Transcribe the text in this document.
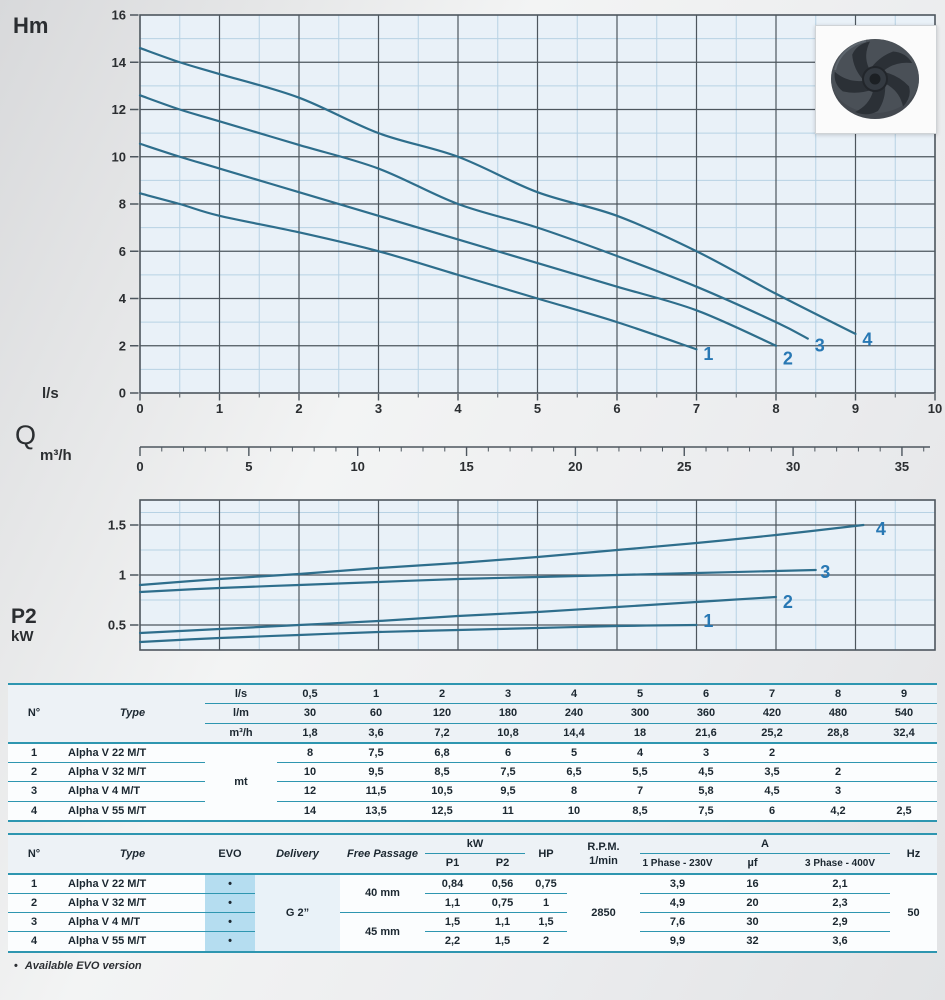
Hm
l/s
Q
m³/h
P2
kW
0
2
4
6
8
10
12
14
16
0	1	2	3	4	5	6	7	8	9	10
0	5	10	15	20	25	30	35
0.5
1
1.5
1	2
3 4
1
2
3
4
N°	Type	l/s	0,5	1	2	3	4	5	6	7	8	9
		l/m	30	60	120	180	240	300	360	420	480	540
		m³/h	1,8	3,6	7,2	10,8	14,4	18	21,6	25,2	28,8	32,4
1	Alpha V 22 M/T	mt	8	7,5	6,8	6	5	4	3	2		
2	Alpha V 32 M/T		10	9,5	8,5	7,5	6,5	5,5	4,5	3,5	2	
3	Alpha V 4 M/T		12	11,5	10,5	9,5	8	7	5,8	4,5	3	
4	Alpha V 55 M/T		14	13,5	12,5	11	10	8,5	7,5	6	4,2	2,5
N°	Type	EVO	Delivery	Free Passage	kW		HP	R.P.M.
1/min	A			Hz
					P1	P2			1 Phase - 230V	µf	3 Phase - 400V	
1	Alpha V 22 M/T	•	G 2”	40 mm	0,84	0,56	0,75	2850	3,9	16	2,1	50
2	Alpha V 32 M/T	•			1,1	0,75	1		4,9	20	2,3	
3	Alpha V 4 M/T	•		45 mm	1,5	1,1	1,5		7,6	30	2,9	
4	Alpha V 55 M/T	•			2,2	1,5	2		9,9	32	3,6	
• Available EVO version
